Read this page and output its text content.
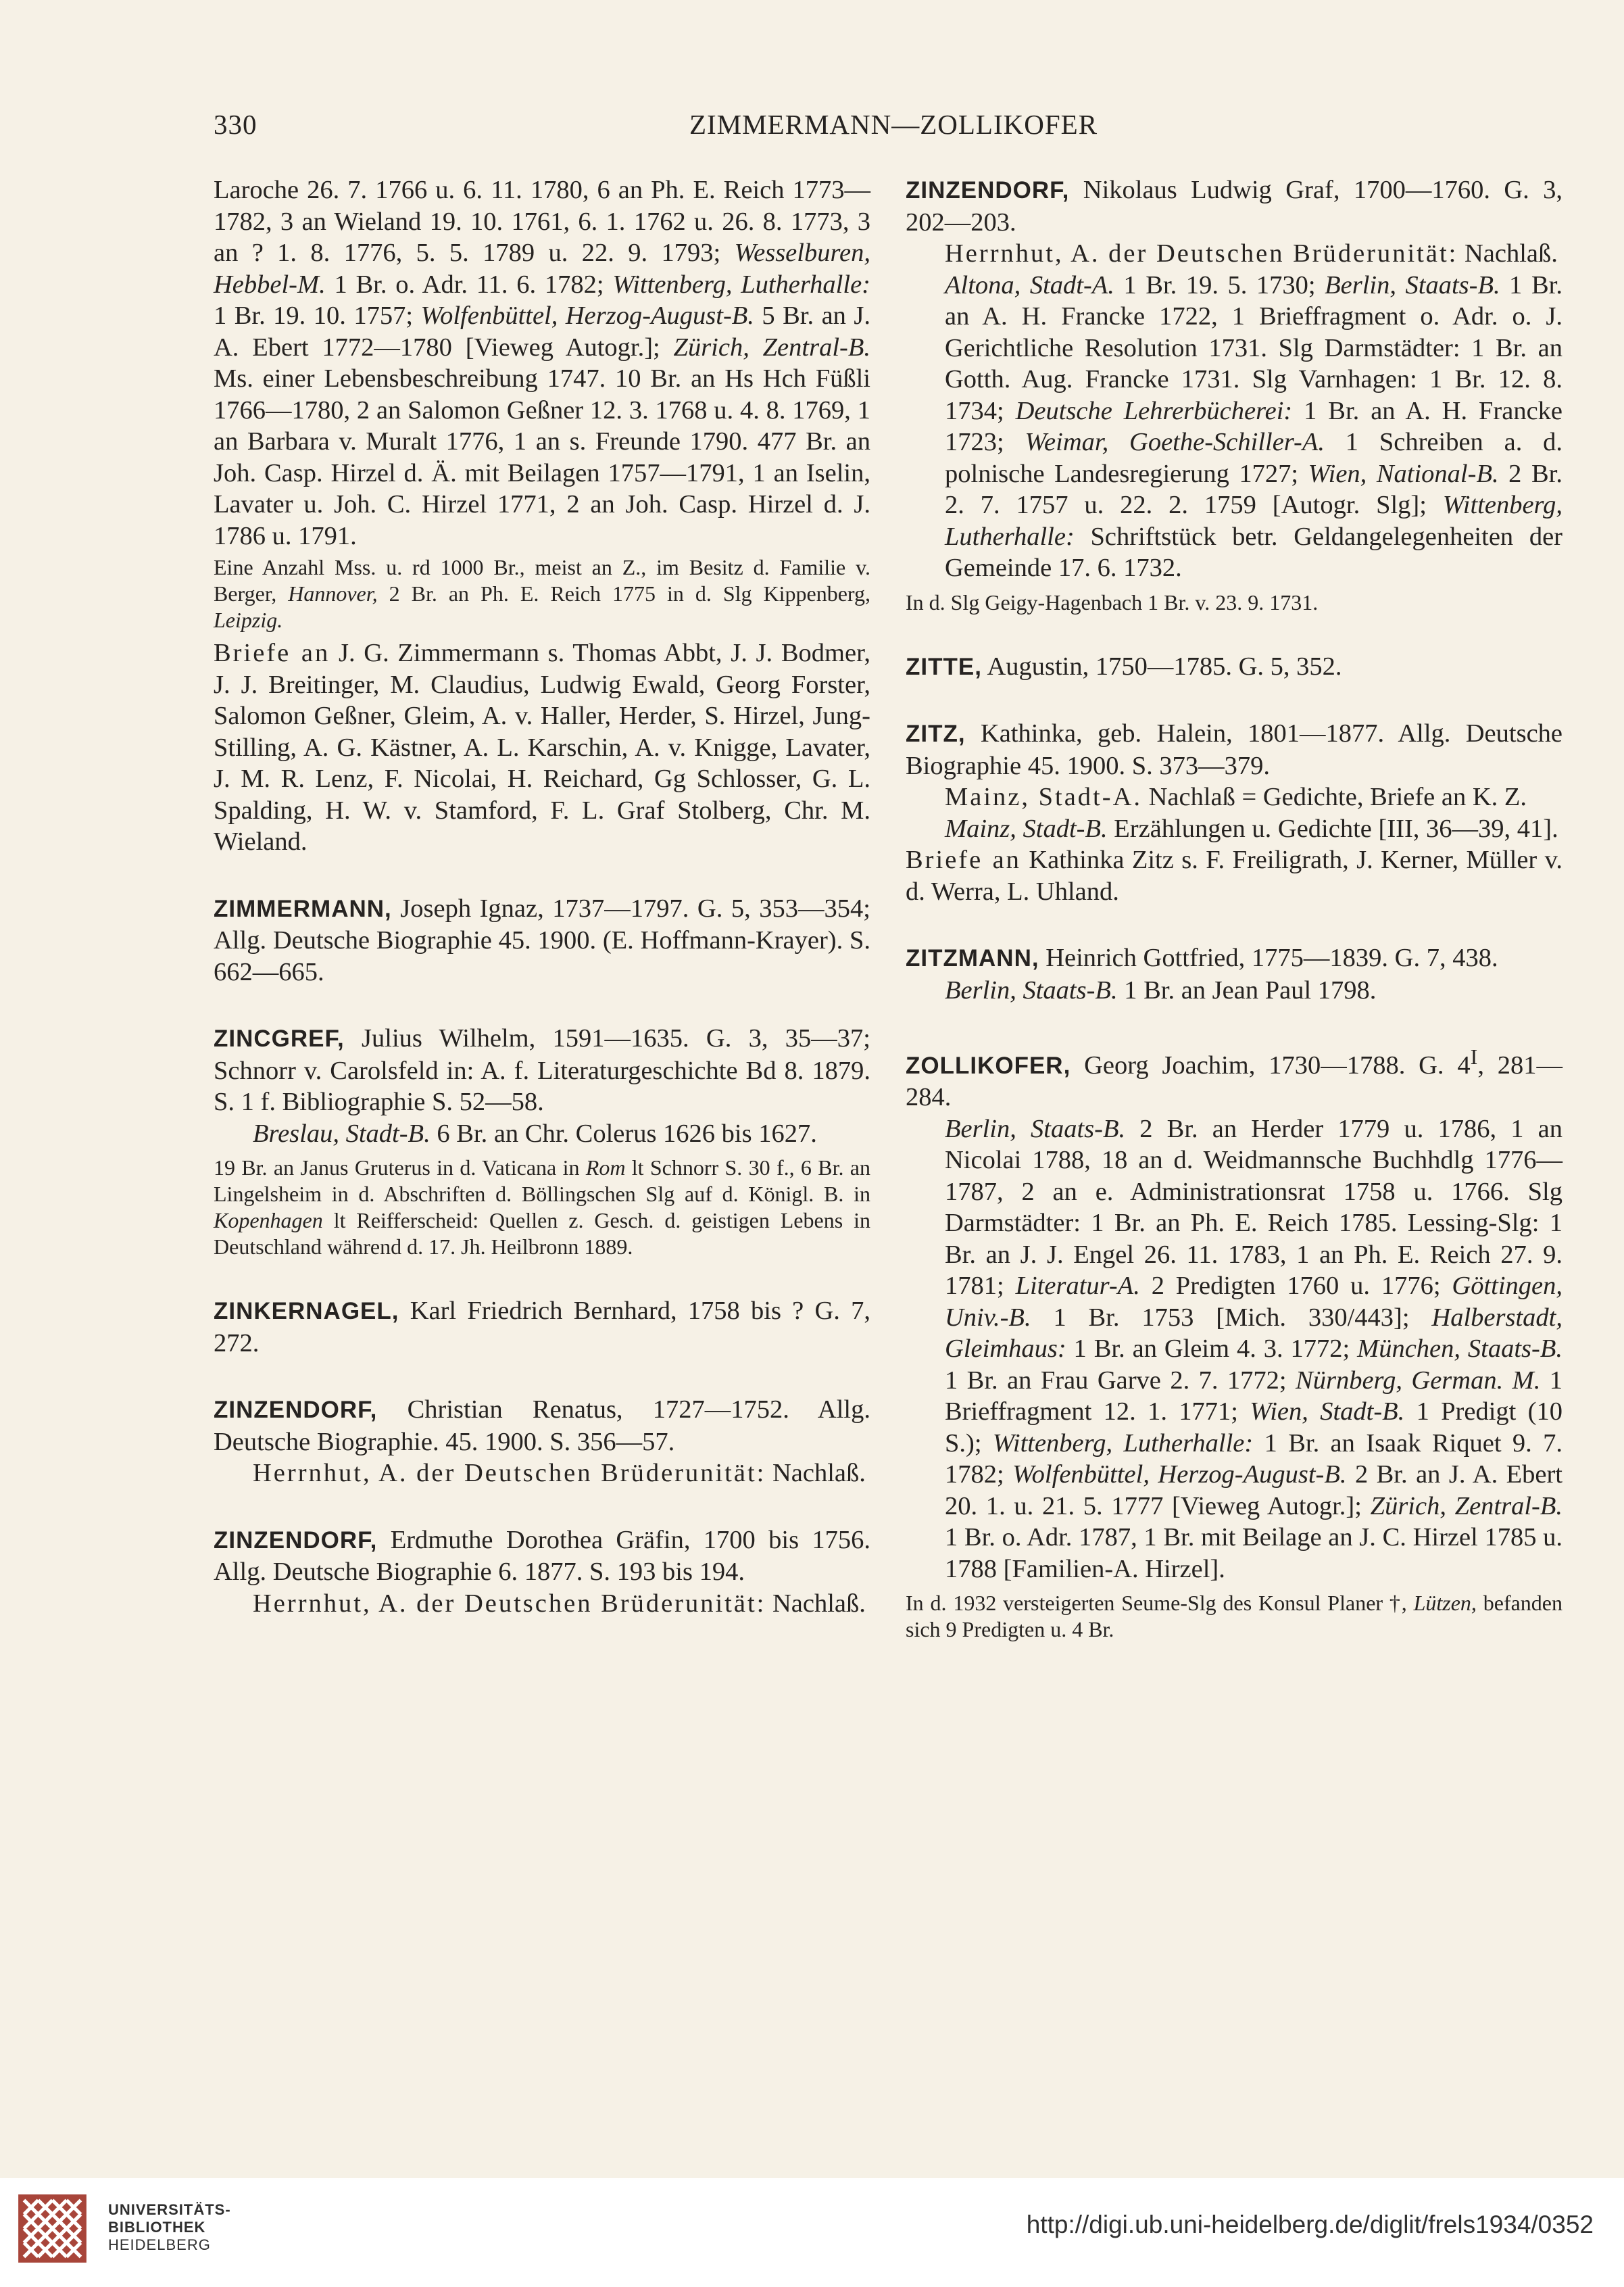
330	ZIMMERMANN—ZOLLIKOFER
Laroche 26. 7. 1766 u. 6. 11. 1780, 6 an Ph. E. Reich 1773—1782, 3 an Wieland 19. 10. 1761, 6. 1. 1762 u. 26. 8. 1773, 3 an ? 1. 8. 1776, 5. 5. 1789 u. 22. 9. 1793; Wesselburen, Hebbel-M. 1 Br. o. Adr. 11. 6. 1782; Wittenberg, Lutherhalle: 1 Br. 19. 10. 1757; Wolfenbüttel, Herzog-August-B. 5 Br. an J. A. Ebert 1772—1780 [Vieweg Autogr.]; Zürich, Zentral-B. Ms. einer Lebensbeschreibung 1747. 10 Br. an Hs Hch Füßli 1766—1780, 2 an Salomon Geßner 12. 3. 1768 u. 4. 8. 1769, 1 an Barbara v. Muralt 1776, 1 an s. Freunde 1790. 477 Br. an Joh. Casp. Hirzel d. Ä. mit Beilagen 1757—1791, 1 an Iselin, Lavater u. Joh. C. Hirzel 1771, 2 an Joh. Casp. Hirzel d. J. 1786 u. 1791.
Eine Anzahl Mss. u. rd 1000 Br., meist an Z., im Besitz d. Familie v. Berger, Hannover, 2 Br. an Ph. E. Reich 1775 in d. Slg Kippenberg, Leipzig.
Briefe an J. G. Zimmermann s. Thomas Abbt, J. J. Bodmer, J. J. Breitinger, M. Claudius, Ludwig Ewald, Georg Forster, Salomon Geßner, Gleim, A. v. Haller, Herder, S. Hirzel, Jung-Stilling, A. G. Kästner, A. L. Karschin, A. v. Knigge, Lavater, J. M. R. Lenz, F. Nicolai, H. Reichard, Gg Schlosser, G. L. Spalding, H. W. v. Stamford, F. L. Graf Stolberg, Chr. M. Wieland.
ZIMMERMANN, Joseph Ignaz, 1737—1797. G. 5, 353—354; Allg. Deutsche Biographie 45. 1900. (E. Hoffmann-Krayer). S. 662—665.
ZINCGREF, Julius Wilhelm, 1591—1635. G. 3, 35—37; Schnorr v. Carolsfeld in: A. f. Literaturgeschichte Bd 8. 1879. S. 1 f. Bibliographie S. 52—58.
Breslau, Stadt-B. 6 Br. an Chr. Colerus 1626 bis 1627.
19 Br. an Janus Gruterus in d. Vaticana in Rom lt Schnorr S. 30 f., 6 Br. an Lingelsheim in d. Abschriften d. Böllingschen Slg auf d. Königl. B. in Kopenhagen lt Reifferscheid: Quellen z. Gesch. d. geistigen Lebens in Deutschland während d. 17. Jh. Heilbronn 1889.
ZINKERNAGEL, Karl Friedrich Bernhard, 1758 bis ? G. 7, 272.
ZINZENDORF, Christian Renatus, 1727—1752. Allg. Deutsche Biographie. 45. 1900. S. 356—57.
Herrnhut, A. der Deutschen Brüderunität: Nachlaß.
ZINZENDORF, Erdmuthe Dorothea Gräfin, 1700 bis 1756. Allg. Deutsche Biographie 6. 1877. S. 193 bis 194.
Herrnhut, A. der Deutschen Brüderunität: Nachlaß.
ZINZENDORF, Nikolaus Ludwig Graf, 1700—1760. G. 3, 202—203.
Herrnhut, A. der Deutschen Brüderunität: Nachlaß.
Altona, Stadt-A. 1 Br. 19. 5. 1730; Berlin, Staats-B. 1 Br. an A. H. Francke 1722, 1 Brieffragment o. Adr. o. J. Gerichtliche Resolution 1731. Slg Darmstädter: 1 Br. an Gotth. Aug. Francke 1731. Slg Varnhagen: 1 Br. 12. 8. 1734; Deutsche Lehrerbücherei: 1 Br. an A. H. Francke 1723; Weimar, Goethe-Schiller-A. 1 Schreiben a. d. polnische Landesregierung 1727; Wien, National-B. 2 Br. 2. 7. 1757 u. 22. 2. 1759 [Autogr. Slg]; Wittenberg, Lutherhalle: Schriftstück betr. Geldangelegenheiten der Gemeinde 17. 6. 1732.
In d. Slg Geigy-Hagenbach 1 Br. v. 23. 9. 1731.
ZITTE, Augustin, 1750—1785. G. 5, 352.
ZITZ, Kathinka, geb. Halein, 1801—1877. Allg. Deutsche Biographie 45. 1900. S. 373—379.
Mainz, Stadt-A. Nachlaß = Gedichte, Briefe an K. Z.
Mainz, Stadt-B. Erzählungen u. Gedichte [III, 36—39, 41].
Briefe an Kathinka Zitz s. F. Freiligrath, J. Kerner, Müller v. d. Werra, L. Uhland.
ZITZMANN, Heinrich Gottfried, 1775—1839. G. 7, 438.
Berlin, Staats-B. 1 Br. an Jean Paul 1798.
ZOLLIKOFER, Georg Joachim, 1730—1788. G. $4^I$, 281—284.
Berlin, Staats-B. 2 Br. an Herder 1779 u. 1786, 1 an Nicolai 1788, 18 an d. Weidmannsche Buchhdlg 1776—1787, 2 an e. Administrationsrat 1758 u. 1766. Slg Darmstädter: 1 Br. an Ph. E. Reich 1785. Lessing-Slg: 1 Br. an J. J. Engel 26. 11. 1783, 1 an Ph. E. Reich 27. 9. 1781; Literatur-A. 2 Predigten 1760 u. 1776; Göttingen, Univ.-B. 1 Br. 1753 [Mich. 330/443]; Halberstadt, Gleimhaus: 1 Br. an Gleim 4. 3. 1772; München, Staats-B. 1 Br. an Frau Garve 2. 7. 1772; Nürnberg, German. M. 1 Brieffragment 12. 1. 1771; Wien, Stadt-B. 1 Predigt (10 S.); Wittenberg, Lutherhalle: 1 Br. an Isaak Riquet 9. 7. 1782; Wolfenbüttel, Herzog-August-B. 2 Br. an J. A. Ebert 20. 1. u. 21. 5. 1777 [Vieweg Autogr.]; Zürich, Zentral-B. 1 Br. o. Adr. 1787, 1 Br. mit Beilage an J. C. Hirzel 1785 u. 1788 [Familien-A. Hirzel].
In d. 1932 versteigerten Seume-Slg des Konsul Planer †, Lützen, befanden sich 9 Predigten u. 4 Br.
UNIVERSITÄTS-
BIBLIOTHEK
HEIDELBERG
http://digi.ub.uni-heidelberg.de/diglit/frels1934/0352
